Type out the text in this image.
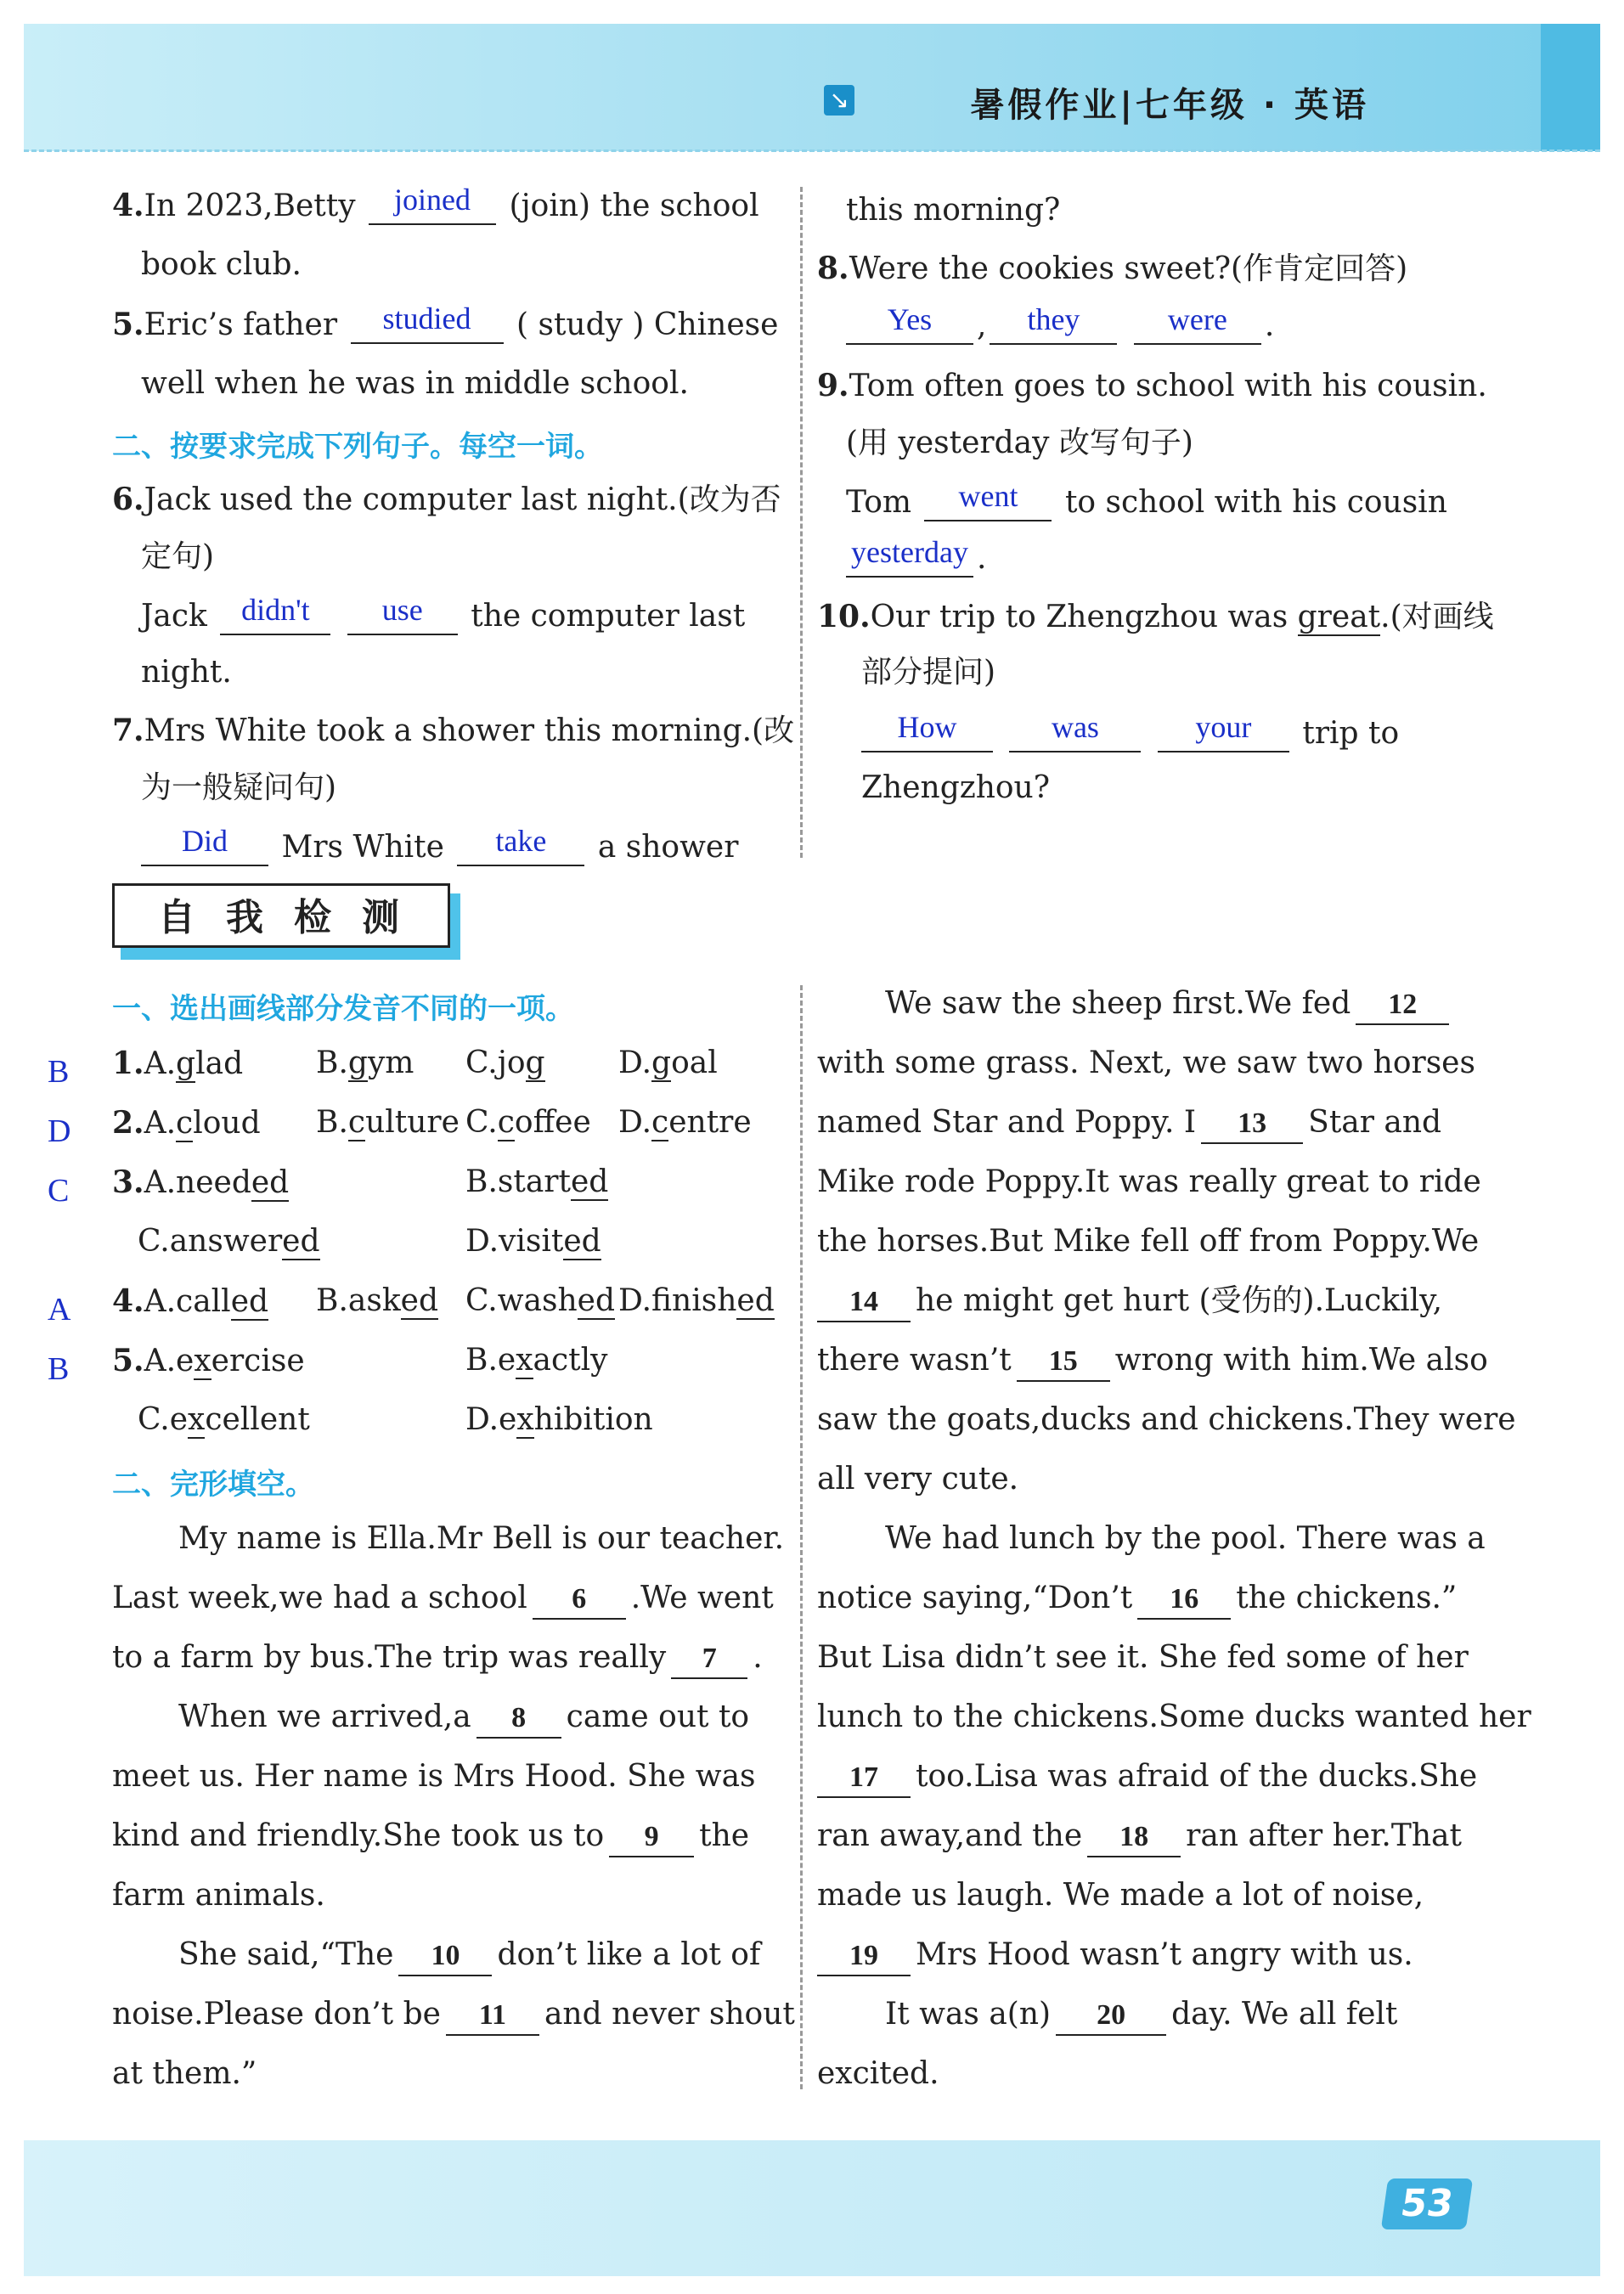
↘	暑假作业|七年级 · 英语
4.In 2023,Betty	joined	(join) the school
book club.
5.Eric’s father	studied	( study ) Chinese
well when he was in middle school.
二、按要求完成下列句子。每空一词。
6.Jack used the computer last night.(改为否
定句)
Jack	didn't
	use	the computer last
night.
7.Mrs White took a shower this morning.(改
为一般疑问句)
Did	Mrs White	take	a shower
this morning?
8.Were the cookies sweet?(作肯定回答)
Yes	,	they
	were	.
9.Tom often goes to school with his cousin.
(用 yesterday 改写句子)
Tom	went	to school with his cousin
yesterday .
10.Our trip to Zhengzhou was great.(对画线
部分提问)
How
	was
	your	trip to
Zhengzhou?
自我检测
一、选出画线部分发音不同的一项。
B
D
C
A
B
1.A.glad B.gym C.jog D.goal
2.A.cloud B.culture C.coffee D.centre
3.A.needed	B.started
C.answered	D.visited
4.A.called B.asked C.washed D.finished
5.A.exercise	B.exactly
C.excellent	D.exhibition
二、完形填空。
My name is Ella.Mr Bell is our teacher.
Last week,we had a school 6 .We went
to a farm by bus.The trip was really 7 .
When we arrived,a 8 came out to
meet us. Her name is Mrs Hood. She was
kind and friendly.She took us to 9 the
farm animals.
She said,“The 10 don’t like a lot of
noise.Please don’t be 11 and never shout
at them.”
We saw the sheep first.We fed 12
with some grass. Next, we saw two horses
named Star and Poppy. I 13 Star and
Mike rode Poppy.It was really great to ride
the horses.But Mike fell off from Poppy.We
14 he might get hurt (受伤的).Luckily,
there wasn’t 15 wrong with him.We also
saw the goats,ducks and chickens.They were
all very cute.
We had lunch by the pool. There was a
notice saying,“Don’t 16 the chickens.”
But Lisa didn’t see it. She fed some of her
lunch to the chickens.Some ducks wanted her
17 too.Lisa was afraid of the ducks.She
ran away,and the 18 ran after her.That
made us laugh. We made a lot of noise,
19 Mrs Hood wasn’t angry with us.
It was a(n) 20 day. We all felt
excited.
53
